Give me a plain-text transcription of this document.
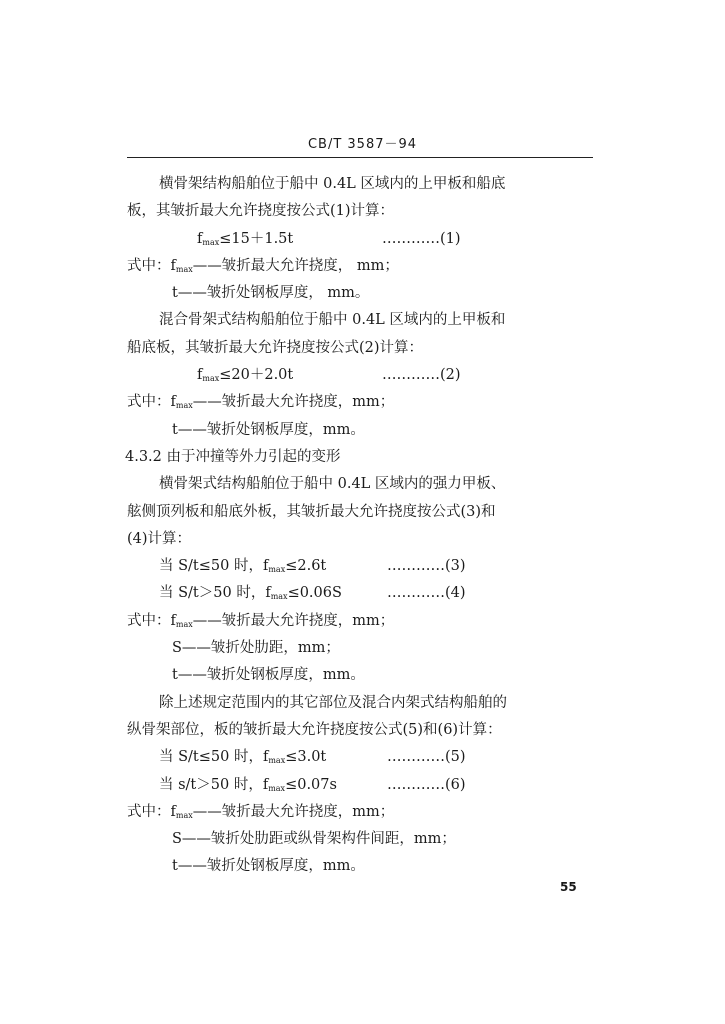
CB/T 3587－94
横骨架结构船舶位于船中 0.4L 区域内的上甲板和船底
板，其皱折最大允许挠度按公式(1)计算：
$f_{max}\le 15+1.5t$	…………(1)
式中：$f_{max}——$皱折最大允许挠度， mm；
t——皱折处钢板厚度， mm。
混合骨架式结构船舶位于船中 0.4L 区域内的上甲板和
船底板，其皱折最大允许挠度按公式(2)计算：
$f_{max}\le 20+2.0t$	…………(2)
式中：$f_{max}——$皱折最大允许挠度，mm；
t——皱折处钢板厚度，mm。
4.3.2 由于冲撞等外力引起的变形
横骨架式结构船舶位于船中 0.4L 区域内的强力甲板、
舷侧顶列板和船底外板，其皱折最大允许挠度按公式(3)和
(4)计算：
当 S/t≤50 时，$f_{max}\le 2.6t$	…………(3)
当 S/t＞50 时，$f_{max}\le 0.06S$	…………(4)
式中：$f_{max}——$皱折最大允许挠度，mm；
S——皱折处肋距，mm；
t——皱折处钢板厚度，mm。
除上述规定范围内的其它部位及混合内架式结构船舶的
纵骨架部位，板的皱折最大允许挠度按公式(5)和(6)计算：
当 S/t≤50 时，$f_{max}\le 3.0t$	…………(5)
当 s/t＞50 时，$f_{max}\le 0.07s$	…………(6)
式中：$f_{max}——$皱折最大允许挠度，mm；
S——皱折处肋距或纵骨架构件间距，mm；
t——皱折处钢板厚度，mm。
55
